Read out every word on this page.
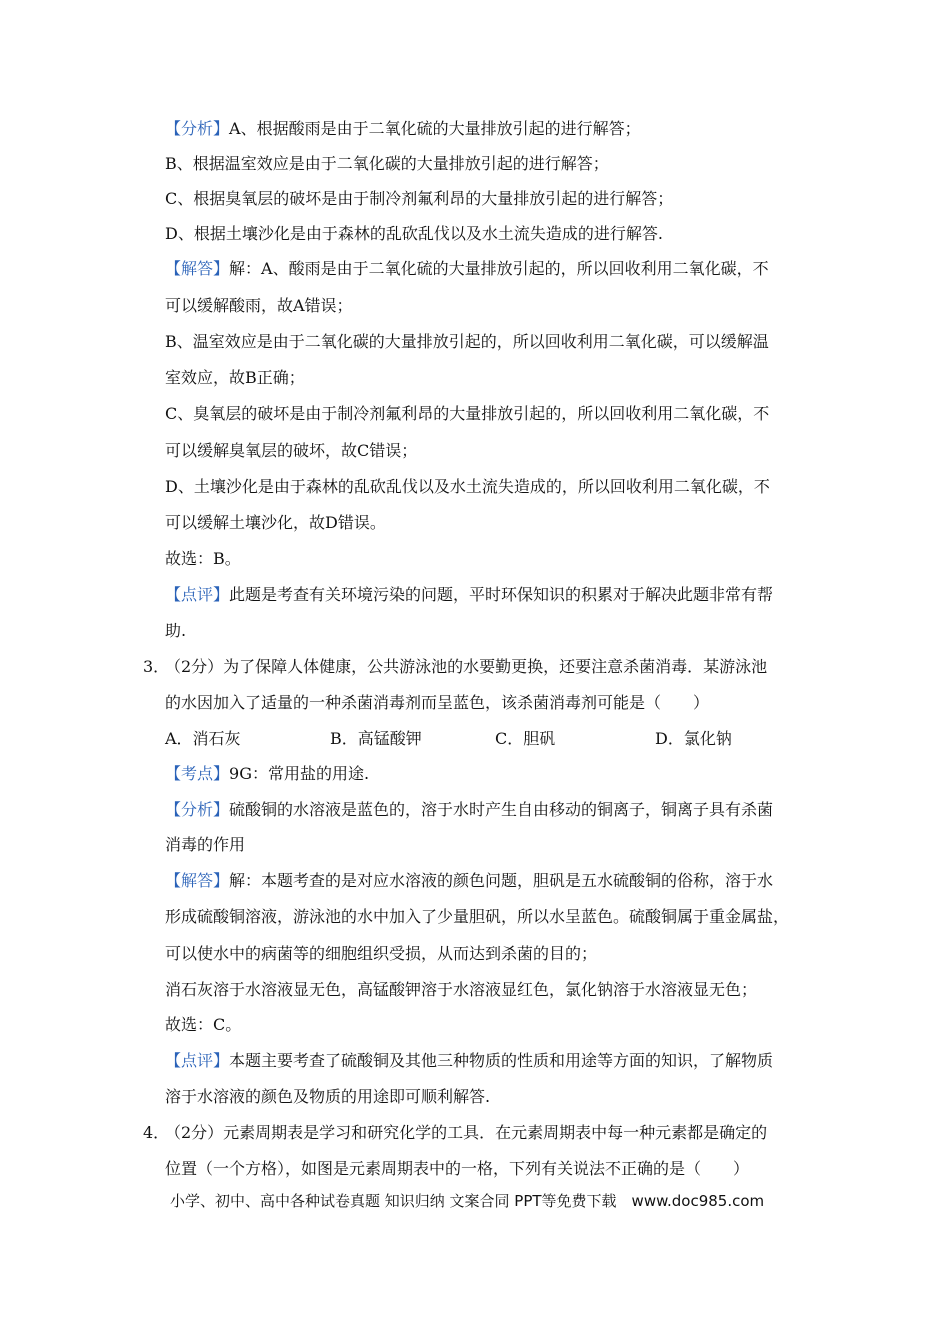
【分析】A、根据酸雨是由于二氧化硫的大量排放引起的进行解答；
B、根据温室效应是由于二氧化碳的大量排放引起的进行解答；
C、根据臭氧层的破坏是由于制冷剂氟利昂的大量排放引起的进行解答；
D、根据土壤沙化是由于森林的乱砍乱伐以及水土流失造成的进行解答.
【解答】解：A、酸雨是由于二氧化硫的大量排放引起的，所以回收利用二氧化碳，不
可以缓解酸雨，故A错误；
B、温室效应是由于二氧化碳的大量排放引起的，所以回收利用二氧化碳，可以缓解温
室效应，故B正确；
C、臭氧层的破坏是由于制冷剂氟利昂的大量排放引起的，所以回收利用二氧化碳，不
可以缓解臭氧层的破坏，故C错误；
D、土壤沙化是由于森林的乱砍乱伐以及水土流失造成的，所以回收利用二氧化碳，不
可以缓解土壤沙化，故D错误。
故选：B。
【点评】此题是考查有关环境污染的问题，平时环保知识的积累对于解决此题非常有帮
助.
3．
（2分）为了保障人体健康，公共游泳池的水要勤更换，还要注意杀菌消毒．某游泳池
的水因加入了适量的一种杀菌消毒剂而呈蓝色，该杀菌消毒剂可能是（　　）
A．消石灰	B．高锰酸钾	C．胆矾	D．氯化钠
【考点】9G：常用盐的用途.
【分析】硫酸铜的水溶液是蓝色的，溶于水时产生自由移动的铜离子，铜离子具有杀菌
消毒的作用
【解答】解：本题考查的是对应水溶液的颜色问题，胆矾是五水硫酸铜的俗称，溶于水
形成硫酸铜溶液，游泳池的水中加入了少量胆矾，所以水呈蓝色。硫酸铜属于重金属盐，
可以使水中的病菌等的细胞组织受损，从而达到杀菌的目的；
消石灰溶于水溶液显无色，高锰酸钾溶于水溶液显红色，氯化钠溶于水溶液显无色；
故选：C。
【点评】本题主要考查了硫酸铜及其他三种物质的性质和用途等方面的知识，了解物质
溶于水溶液的颜色及物质的用途即可顺利解答.
4．
（2分）元素周期表是学习和研究化学的工具．在元素周期表中每一种元素都是确定的
位置（一个方格），如图是元素周期表中的一格，下列有关说法不正确的是（　　）
小学、初中、高中各种试卷真题 知识归纳 文案合同 PPT等免费下载　www.doc985.com
